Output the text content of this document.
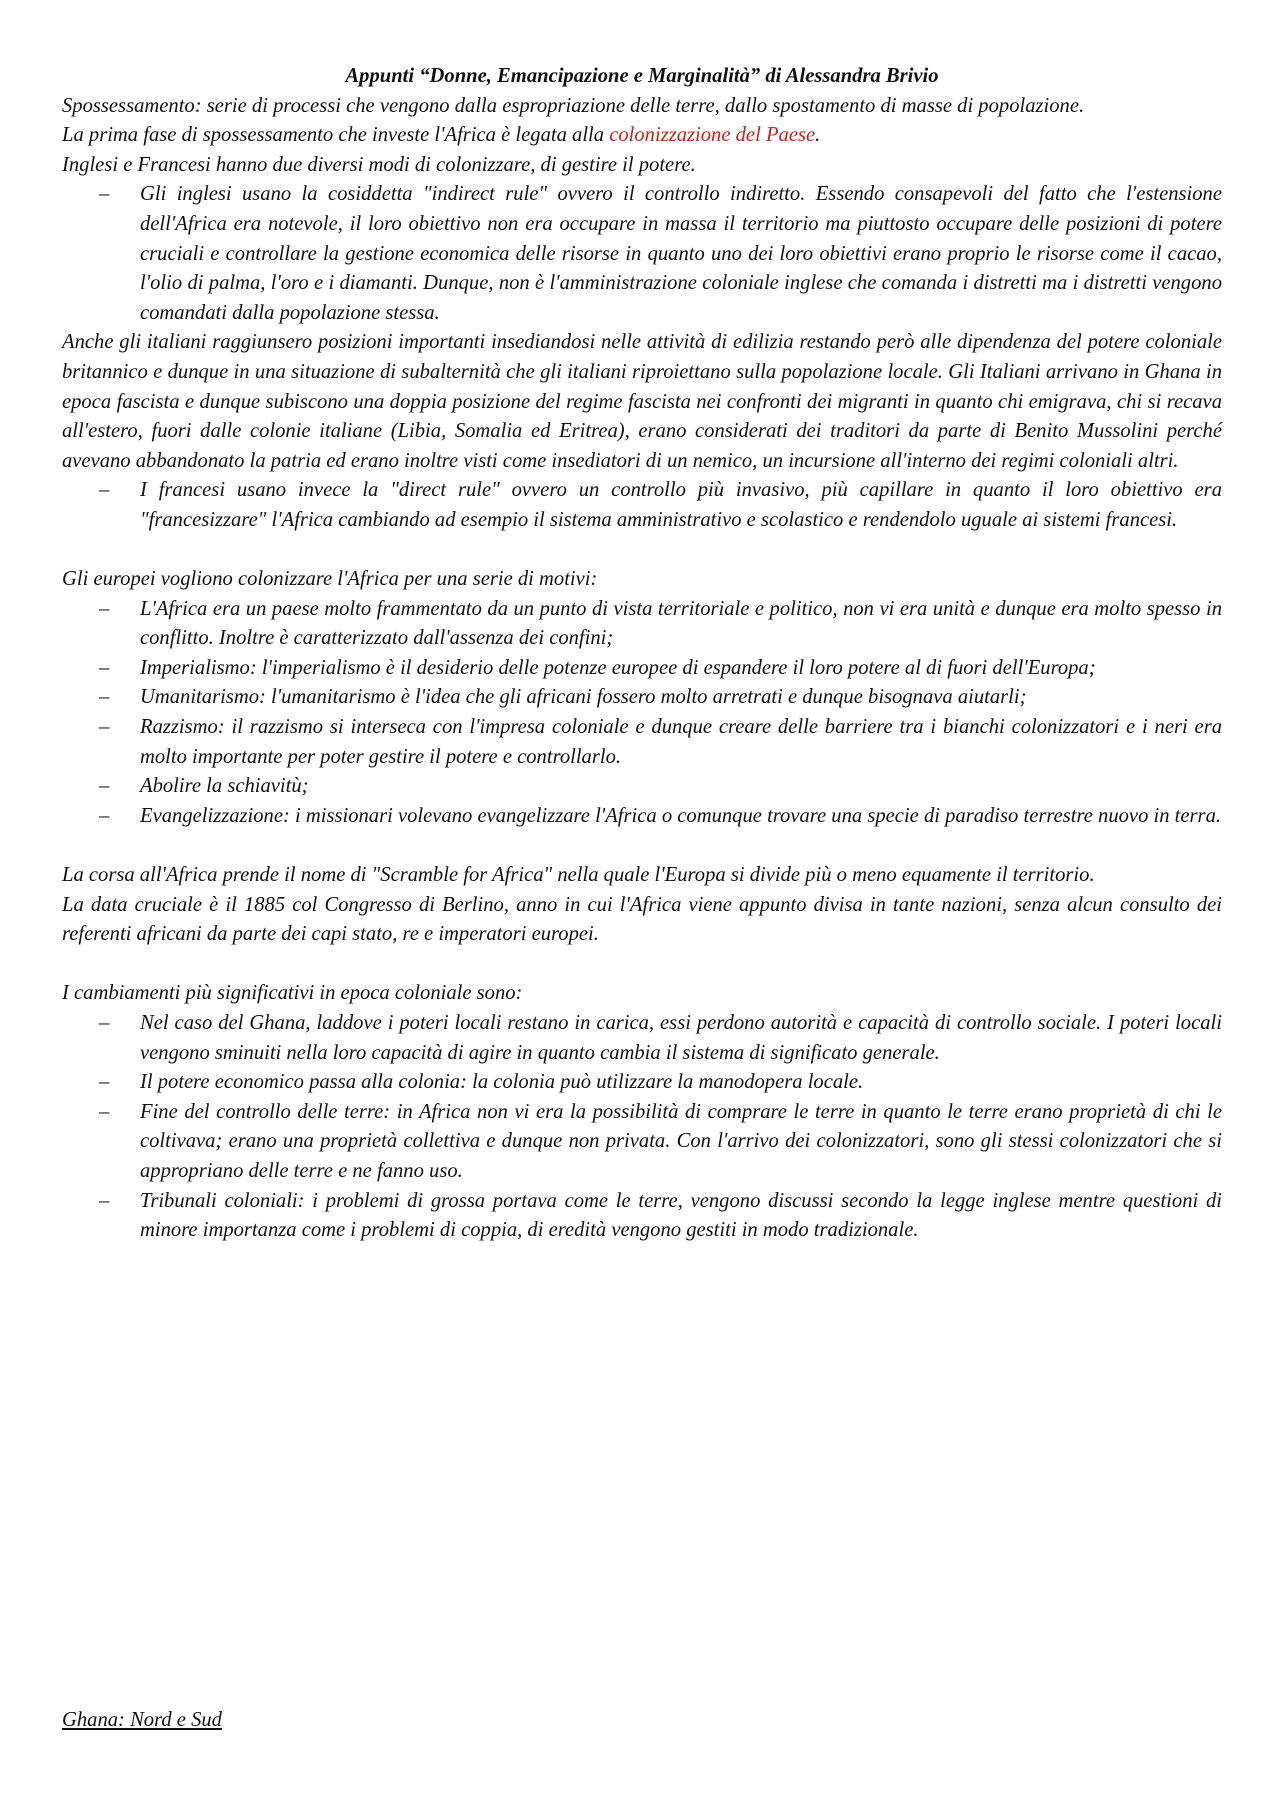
Appunti “Donne, Emancipazione e Marginalità” di Alessandra Brivio

Spossessamento: serie di processi che vengono dalla espropriazione delle terre, dallo spostamento di masse di popolazione.

La prima fase di spossessamento che investe l'Africa è legata alla colonizzazione del Paese.

Inglesi e Francesi hanno due diversi modi di colonizzare, di gestire il potere.

– Gli inglesi usano la cosiddetta "indirect rule" ovvero il controllo indiretto. Essendo consapevoli del fatto che l'estensione dell'Africa era notevole, il loro obiettivo non era occupare in massa il territorio ma piuttosto occupare delle posizioni di potere cruciali e controllare la gestione economica delle risorse in quanto uno dei loro obiettivi erano proprio le risorse come il cacao, l'olio di palma, l'oro e i diamanti. Dunque, non è l'amministrazione coloniale inglese che comanda i distretti ma i distretti vengono comandati dalla popolazione stessa.

Anche gli italiani raggiunsero posizioni importanti insediandosi nelle attività di edilizia restando però alle dipendenza del potere coloniale britannico e dunque in una situazione di subalternità che gli italiani riproiettano sulla popolazione locale. Gli Italiani arrivano in Ghana in epoca fascista e dunque subiscono una doppia posizione del regime fascista nei confronti dei migranti in quanto chi emigrava, chi si recava all'estero, fuori dalle colonie italiane (Libia, Somalia ed Eritrea), erano considerati dei traditori da parte di Benito Mussolini perché avevano abbandonato la patria ed erano inoltre visti come insediatori di un nemico, un incursione all'interno dei regimi coloniali altri.

– I francesi usano invece la "direct rule" ovvero un controllo più invasivo, più capillare in quanto il loro obiettivo era "francesizzare" l'Africa cambiando ad esempio il sistema amministrativo e scolastico e rendendolo uguale ai sistemi francesi.

Gli europei vogliono colonizzare l'Africa per una serie di motivi:

– L'Africa era un paese molto frammentato da un punto di vista territoriale e politico, non vi era unità e dunque era molto spesso in conflitto. Inoltre è caratterizzato dall'assenza dei confini;
– Imperialismo: l'imperialismo è il desiderio delle potenze europee di espandere il loro potere al di fuori dell'Europa;
– Umanitarismo: l'umanitarismo è l'idea che gli africani fossero molto arretrati e dunque bisognava aiutarli;
– Razzismo: il razzismo si interseca con l'impresa coloniale e dunque creare delle barriere tra i bianchi colonizzatori e i neri era molto importante per poter gestire il potere e controllarlo.
– Abolire la schiavitù;
– Evangelizzazione: i missionari volevano evangelizzare l'Africa o comunque trovare una specie di paradiso terrestre nuovo in terra.

La corsa all'Africa prende il nome di "Scramble for Africa" nella quale l'Europa si divide più o meno equamente il territorio.

La data cruciale è il 1885 col Congresso di Berlino, anno in cui l'Africa viene appunto divisa in tante nazioni, senza alcun consulto dei referenti africani da parte dei capi stato, re e imperatori europei.

I cambiamenti più significativi in epoca coloniale sono:

– Nel caso del Ghana, laddove i poteri locali restano in carica, essi perdono autorità e capacità di controllo sociale. I poteri locali vengono sminuiti nella loro capacità di agire in quanto cambia il sistema di significato generale.
– Il potere economico passa alla colonia: la colonia può utilizzare la manodopera locale.
– Fine del controllo delle terre: in Africa non vi era la possibilità di comprare le terre in quanto le terre erano proprietà di chi le coltivava; erano una proprietà collettiva e dunque non privata. Con l'arrivo dei colonizzatori, sono gli stessi colonizzatori che si appropriano delle terre e ne fanno uso.
– Tribunali coloniali: i problemi di grossa portava come le terre, vengono discussi secondo la legge inglese mentre questioni di minore importanza come i problemi di coppia, di eredità vengono gestiti in modo tradizionale.

Ghana: Nord e Sud
